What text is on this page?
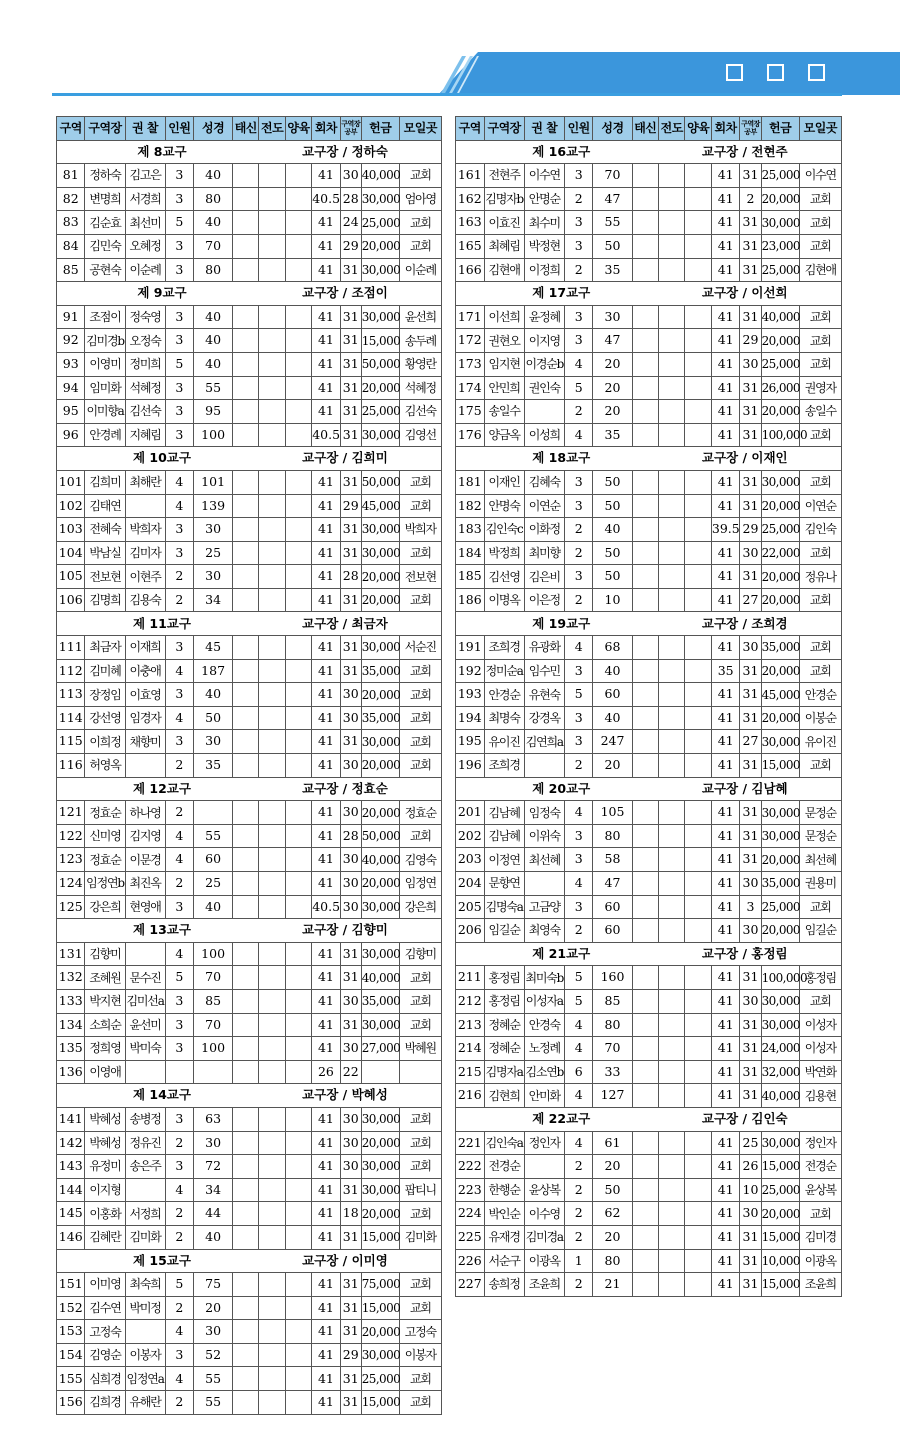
구역	구역장	권 찰	인원	성경	태신	전도	양육	회차	구역장 공부	헌금	모일곳
제 8교구						교구장 / 정하숙					
81	정하숙	김고은	3	40				41	30	40,000	교회
82	변명희	서경희	3	80				40.5	28	30,000	엄아영
83	김순효	최선미	5	40				41	24	25,000	교회
84	김민숙	오혜정	3	70				41	29	20,000	교회
85	공현숙	이순례	3	80				41	31	30,000	이순례
제 9교구						교구장 / 조점이					
91	조점이	정숙영	3	40				41	31	30,000	윤선희
92	김미경b	오정숙	3	40				41	31	15,000	송두례
93	이영미	정미희	5	40				41	31	50,000	황영란
94	임미화	석혜정	3	55				41	31	20,000	석혜정
95	이미향a	김선숙	3	95				41	31	25,000	김선숙
96	안경례	지혜림	3	100				40.5	31	30,000	김영선
제 10교구						교구장 / 김희미					
101	김희미	최해란	4	101				41	31	50,000	교회
102	김태연		4	139				41	29	45,000	교회
103	전혜숙	박희자	3	30				41	31	30,000	박희자
104	박남실	김미자	3	25				41	31	30,000	교회
105	전보현	이현주	2	30				41	28	20,000	전보현
106	김명희	김용숙	2	34				41	31	20,000	교회
제 11교구						교구장 / 최금자					
111	최금자	이재희	3	45				41	31	30,000	서순진
112	김미혜	이충애	4	187				41	31	35,000	교회
113	장정임	이효영	3	40				41	30	20,000	교회
114	강선영	임경자	4	50				41	30	35,000	교회
115	이희정	채향미	3	30				41	31	30,000	교회
116	허영옥		2	35				41	30	20,000	교회
제 12교구						교구장 / 정효순					
121	정효순	하나영	2					41	30	20,000	정효순
122	신미영	김지영	4	55				41	28	50,000	교회
123	정효순	이문경	4	60				41	30	40,000	김영숙
124	임정연b	최진옥	2	25				41	30	20,000	임정연
125	강은희	현영애	3	40				40.5	30	30,000	강은희
제 13교구						교구장 / 김향미					
131	김향미		4	100				41	31	30,000	김향미
132	조혜원	문수진	5	70				41	31	40,000	교회
133	박지현	김미선a	3	85				41	30	35,000	교회
134	소희순	윤선미	3	70				41	31	30,000	교회
135	정희영	박미숙	3	100				41	30	27,000	박혜원
136	이영애							26	22		
제 14교구						교구장 / 박혜성					
141	박혜성	송병정	3	63				41	30	30,000	교회
142	박혜성	정유진	2	30				41	30	20,000	교회
143	유정미	송은주	3	72				41	30	30,000	교회
144	이지형		4	34				41	31	30,000	팝티니
145	이홍화	서정희	2	44				41	18	20,000	교회
146	김혜란	김미화	2	40				41	31	15,000	김미화
제 15교구						교구장 / 이미영					
151	이미영	최숙희	5	75				41	31	75,000	교회
152	김수연	박미정	2	20				41	31	15,000	교회
153	고정숙		4	30				41	31	20,000	고정숙
154	김영순	이봉자	3	52				41	29	30,000	이봉자
155	심희경	임정연a	4	55				41	31	25,000	교회
156	김희경	유해란	2	55				41	31	15,000	교회
구역	구역장	권 찰	인원	성경	태신	전도	양육	회차	구역장 공부	헌금	모일곳
제 16교구						교구장 / 전현주					
161	전현주	이수연	3	70				41	31	25,000	이수연
162	김명자b	안명순	2	47				41	2	20,000	교회
163	이효진	최수미	3	55				41	31	30,000	교회
165	최혜림	박정현	3	50				41	31	23,000	교회
166	김현애	이정희	2	35				41	31	25,000	김현애
제 17교구						교구장 / 이선희					
171	이선희	윤정혜	3	30				41	31	40,000	교회
172	권현오	이지영	3	47				41	29	20,000	교회
173	임지현	이경순b	4	20				41	30	25,000	교회
174	안민희	권인숙	5	20				41	31	26,000	권영자
175	송일수		2	20				41	31	20,000	송일수
176	양금옥	이성희	4	35				41	31	100,000	교회
제 18교구						교구장 / 이재인					
181	이재인	김혜숙	3	50				41	31	30,000	교회
182	안명숙	이연순	3	50				41	31	20,000	이연순
183	김인숙c	이화정	2	40				39.5	29	25,000	김인숙
184	박정희	최미향	2	50				41	30	22,000	교회
185	김선영	김은비	3	50				41	31	20,000	정유나
186	이명옥	이은정	2	10				41	27	20,000	교회
제 19교구						교구장 / 조희경					
191	조희경	유광화	4	68				41	30	35,000	교회
192	정미순a	임수민	3	40				35	31	20,000	교회
193	안경순	유현숙	5	60				41	31	45,000	안경순
194	최명숙	강경옥	3	40				41	31	20,000	이봉순
195	유이진	김연희a	3	247				41	27	30,000	유이진
196	조희경		2	20				41	31	15,000	교회
제 20교구						교구장 / 김남혜					
201	김남혜	임정숙	4	105				41	31	30,000	문정순
202	김남혜	이위숙	3	80				41	31	30,000	문정순
203	이정연	최선혜	3	58				41	31	20,000	최선혜
204	문향연		4	47				41	30	35,000	권용미
205	김명숙a	고금양	3	60				41	3	25,000	교회
206	임길순	최영숙	2	60				41	30	20,000	임길순
제 21교구						교구장 / 홍정림					
211	홍정림	최미숙b	5	160				41	31	100,000	홍정림
212	홍정림	이성자a	5	85				41	30	30,000	교회
213	정혜순	안경숙	4	80				41	31	30,000	이성자
214	정혜순	노정례	4	70				41	31	24,000	이성자
215	김명자a	김소연b	6	33				41	31	32,000	박연화
216	김현희	안미화	4	127				41	31	40,000	김용현
제 22교구						교구장 / 김인숙					
221	김인숙a	정인자	4	61				41	25	30,000	정인자
222	전경순		2	20				41	26	15,000	전경순
223	한행순	윤상복	2	50				41	10	25,000	윤상복
224	박인순	이수영	2	62				41	30	20,000	교회
225	유재경	김미경a	2	20				41	31	15,000	김미경
226	서순구	이광옥	1	80				41	31	10,000	이광옥
227	송희정	조윤희	2	21				41	31	15,000	조윤희
